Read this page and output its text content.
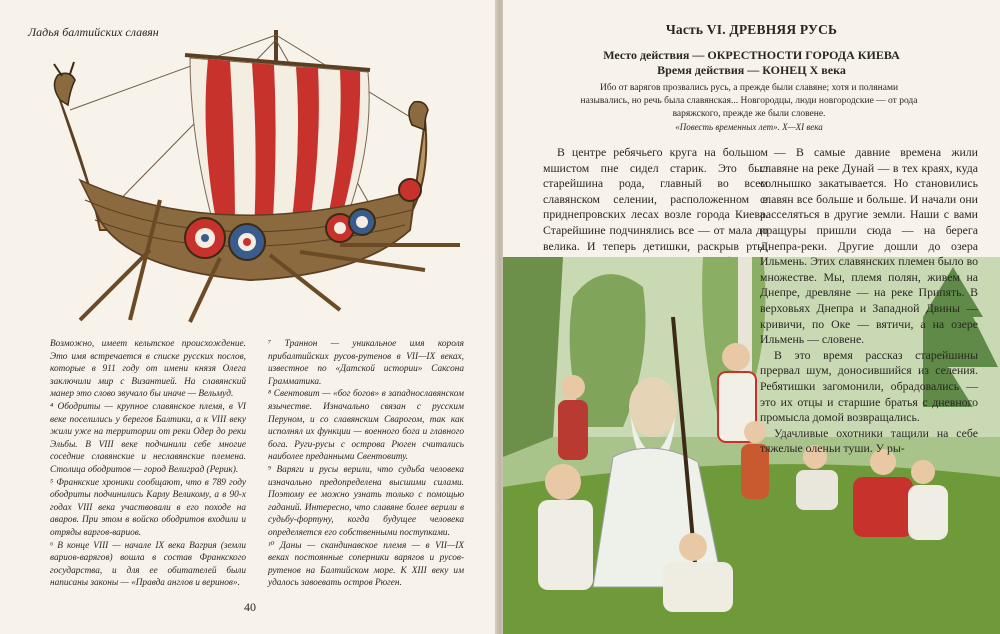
Ладья балтийских славян

Возможно, имеет кельтское происхождение. Это имя встречается в списке русских послов, которые в 911 году от имени князя Олега заключили мир с Византией. На славянский манер это слово звучало бы иначе — Вельмуд.

⁴ Ободриты — крупное славянское племя, в VI веке поселились у берегов Балтики, а к VIII веку жили уже на территории от реки Одер до реки Эльбы. В VIII веке подчинили себе многие соседние славянские и неславянские племена. Столица ободритов — город Велиград (Рерик).

⁵ Франкские хроники сообщают, что в 789 году ободриты подчинились Карлу Великому, а в 90-х годах VIII века участвовали в его походе на аваров. При этом в войско ободритов входили и отряды варгов-вариов.

⁶ В конце VIII — начале IX века Вагрия (земли вариов-варягов) вошла в состав Франкского государства, и для ее обитателей были написаны законы — «Правда англов и веринов».

⁷ Траннон — уникальное имя короля прибалтийских русов-рутенов в VII—IX веках, известное по «Датской истории» Саксона Грамматика.

⁸ Свентовит — «бог богов» в западнославянском язычестве. Изначально связан с русским Перуном, и со славянским Сварогом, так как исполнял их функции — военного бога и главного бога. Руги-русы с острова Рюген считались наиболее преданными Свентовиту.

⁹ Варяги и русы верили, что судьба человека изначально предопределена высшими силами. Поэтому ее можно узнать только с помощью гаданий. Интересно, что славяне более верили в судьбу-фортуну, когда будущее человека определяется его собственными поступками.

¹⁰ Даны — скандинавское племя — в VII—IX веках постоянные соперники варягов и русов-рутенов на Балтийском море. К XIII веку им удалось завоевать остров Рюген.

40
Часть VI. ДРЕВНЯЯ РУСЬ
Место действия — ОКРЕСТНОСТИ ГОРОДА КИЕВА
Время действия — КОНЕЦ X века
Ибо от варягов прозвались русь, а прежде были славяне; хотя и полянами назывались, но речь была славянская... Новгородцы, люди новгородские — от рода варяжского, прежде же были словене.
«Повесть временных лет». X—XI века

В центре ребячьего круга на большом мшистом пне сидел старик. Это был старейшина рода, главный во всем славянском селении, расположенном в приднепровских лесах возле города Киева. Старейшине подчинялись все — от мала до велика. И теперь детишки, раскрыв рты,

— В самые давние времена жили славяне на реке Дунай — в тех краях, куда солнышко закатывается. Но становились славян все больше и больше. И начали они расселяться в другие земли. Наши с вами пращуры пришли сюда — на берега Днепра-реки. Другие дошли до озера Ильмень. Этих славянских племен было во множестве. Мы, племя полян, живем на Днепре, древляне — на реке Припять. В верховьях Днепра и Западной Двины — кривичи, по Оке — вятичи, а на озере Ильмень — словене.

В это время рассказ старейшины прервал шум, доносившийся из селения. Ребятишки загомонили, обрадовались — это их отцы и старшие братья с дневного промысла домой возвращались.

Удачливые охотники тащили на себе тяжелые оленьи туши. У ры-
